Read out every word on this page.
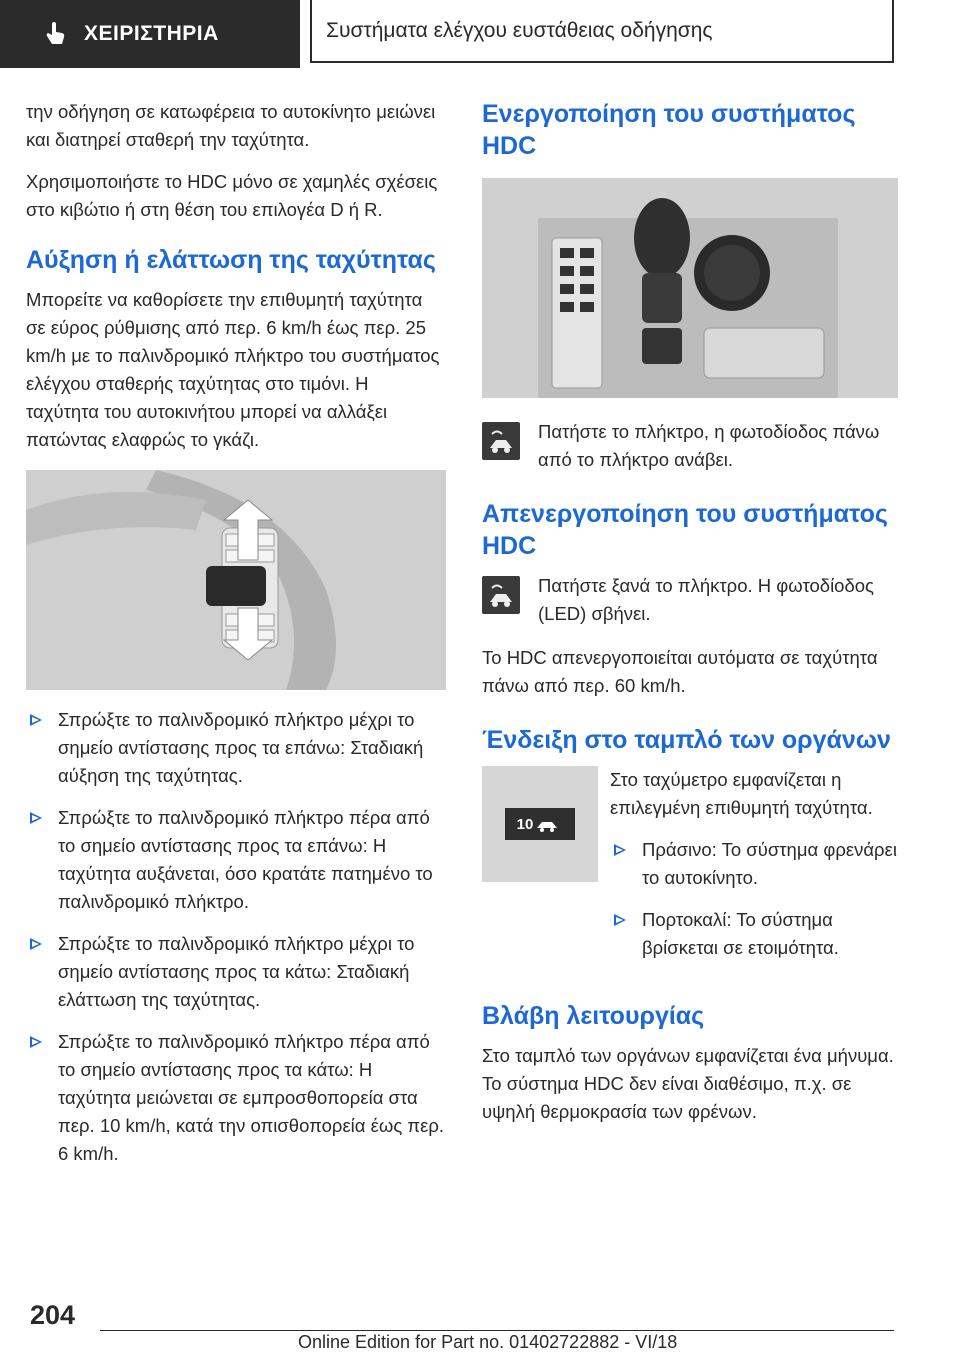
ΧΕΙΡΙΣΤΗΡΙΑ	Συστήματα ελέγχου ευστάθειας οδήγησης

την οδήγηση σε κατωφέρεια το αυτοκίνητο μειώνει και διατηρεί σταθερή την ταχύτητα.

Χρησιμοποιήστε το HDC μόνο σε χαμηλές σχέσεις στο κιβώτιο ή στη θέση του επιλογέα D ή R.

Αύξηση ή ελάττωση της ταχύτητας

Μπορείτε να καθορίσετε την επιθυμητή ταχύτητα σε εύρος ρύθμισης από περ. 6 km/h έως περ. 25 km/h με το παλινδρομικό πλήκτρο του συστήματος ελέγχου σταθερής ταχύτητας στο τιμόνι. Η ταχύτητα του αυτοκινήτου μπορεί να αλλάξει πατώντας ελαφρώς το γκάζι.

Σπρώξτε το παλινδρομικό πλήκτρο μέχρι το σημείο αντίστασης προς τα επάνω: Σταδιακή αύξηση της ταχύτητας.
Σπρώξτε το παλινδρομικό πλήκτρο πέρα από το σημείο αντίστασης προς τα επάνω: Η ταχύτητα αυξάνεται, όσο κρατάτε πατημένο το παλινδρομικό πλήκτρο.
Σπρώξτε το παλινδρομικό πλήκτρο μέχρι το σημείο αντίστασης προς τα κάτω: Σταδιακή ελάττωση της ταχύτητας.
Σπρώξτε το παλινδρομικό πλήκτρο πέρα από το σημείο αντίστασης προς τα κάτω: Η ταχύτητα μειώνεται σε εμπροσθοπορεία στα περ. 10 km/h, κατά την οπισθοπορεία έως περ. 6 km/h.
Ενεργοποίηση του συστήματος HDC

Πατήστε το πλήκτρο, η φωτοδίοδος πάνω από το πλήκτρο ανάβει.

Απενεργοποίηση του συστήματος HDC

Πατήστε ξανά το πλήκτρο. Η φωτοδίοδος (LED) σβήνει.

Το HDC απενεργοποιείται αυτόματα σε ταχύτητα πάνω από περ. 60 km/h.

Ένδειξη στο ταμπλό των οργάνων
10

Στο ταχύμετρο εμφανίζεται η επιλεγμένη επιθυμητή ταχύτητα.

Πράσινο: Το σύστημα φρενάρει το αυτοκίνητο.
Πορτοκαλί: Το σύστημα βρίσκεται σε ετοιμότητα.
Βλάβη λειτουργίας

Στο ταμπλό των οργάνων εμφανίζεται ένα μήνυμα. Το σύστημα HDC δεν είναι διαθέσιμο, π.χ. σε υψηλή θερμοκρασία των φρένων.

204
Online Edition for Part no. 01402722882 - VI/18
